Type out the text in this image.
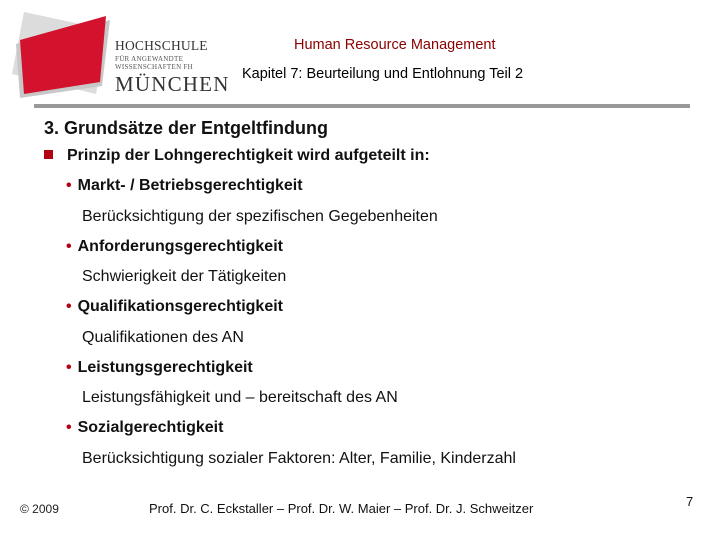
HOCHSCHULE
FÜR ANGEWANDTE
WISSENSCHAFTEN FH
MÜNCHEN
Human Resource Management
Kapitel 7: Beurteilung und Entlohnung Teil 2
3. Grundsätze der Entgeltfindung
Prinzip der Lohngerechtigkeit wird aufgeteilt in:
• Markt- / Betriebsgerechtigkeit
Berücksichtigung der spezifischen Gegebenheiten
• Anforderungsgerechtigkeit
Schwierigkeit der Tätigkeiten
• Qualifikationsgerechtigkeit
Qualifikationen des AN
• Leistungsgerechtigkeit
Leistungsfähigkeit und – bereitschaft des AN
• Sozialgerechtigkeit
Berücksichtigung sozialer Faktoren: Alter, Familie, Kinderzahl
© 2009	Prof. Dr. C. Eckstaller – Prof. Dr. W. Maier – Prof. Dr. J. Schweitzer	7
